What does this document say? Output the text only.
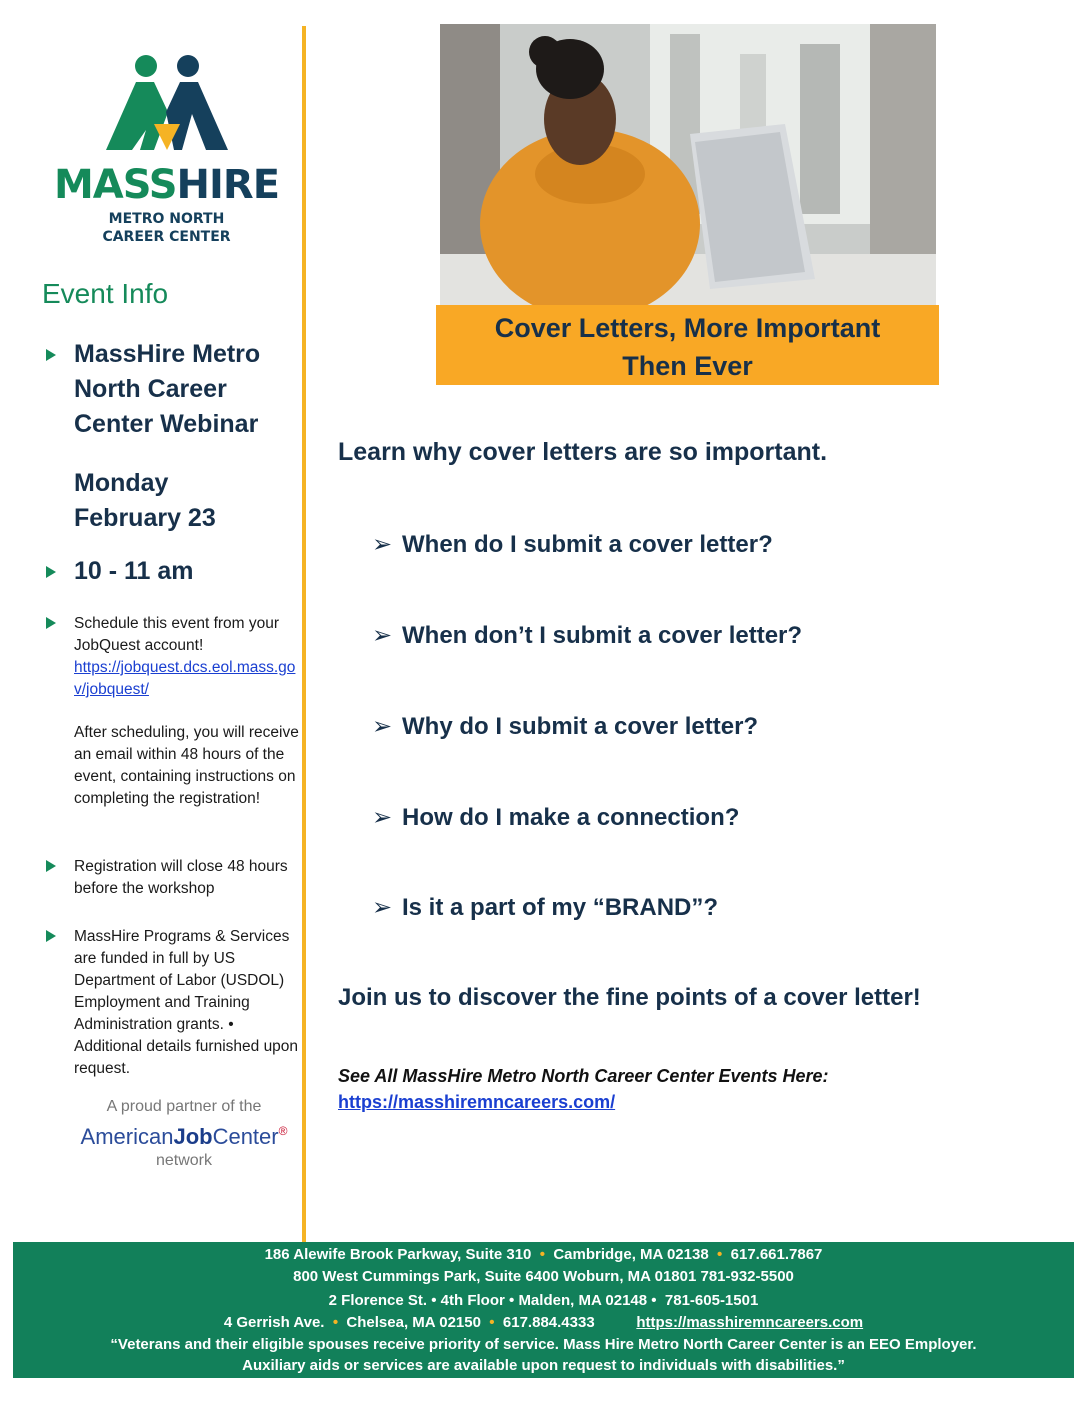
MASSHIRE
METRO NORTH
CAREER CENTER
Event Info
MassHire Metro
North Career
Center Webinar
Monday
February 23
10 - 11 am
Schedule this event from your JobQuest account!
https://jobquest.dcs.eol.mass.gov/jobquest/
After scheduling, you will receive an email within 48 hours of the event, containing instructions on completing the registration!
Registration will close 48 hours before the workshop
MassHire Programs & Services are funded in full by US Department of Labor (USDOL) Employment and Training Administration grants. • Additional details furnished upon request.
A proud partner of the
AmericanJobCenter®
network
Cover Letters, More Important
Then Ever
Learn why cover letters are so important.
➢ When do I submit a cover letter?
➢ When don’t I submit a cover letter?
➢ Why do I submit a cover letter?
➢ How do I make a connection?
➢ Is it a part of my “BRAND”?
Join us to discover the fine points of a cover letter!
See All MassHire Metro North Career Center Events Here:
https://masshiremncareers.com/
186 Alewife Brook Parkway, Suite 310 • Cambridge, MA 02138 • 617.661.7867
800 West Cummings Park, Suite 6400 Woburn, MA 01801 781-932-5500
2 Florence St. • 4th Floor • Malden, MA 02148 • 781-605-1501
4 Gerrish Ave. • Chelsea, MA 02150 • 617.884.4333	https://masshiremncareers.com
“Veterans and their eligible spouses receive priority of service. Mass Hire Metro North Career Center is an EEO Employer.
Auxiliary aids or services are available upon request to individuals with disabilities.”
